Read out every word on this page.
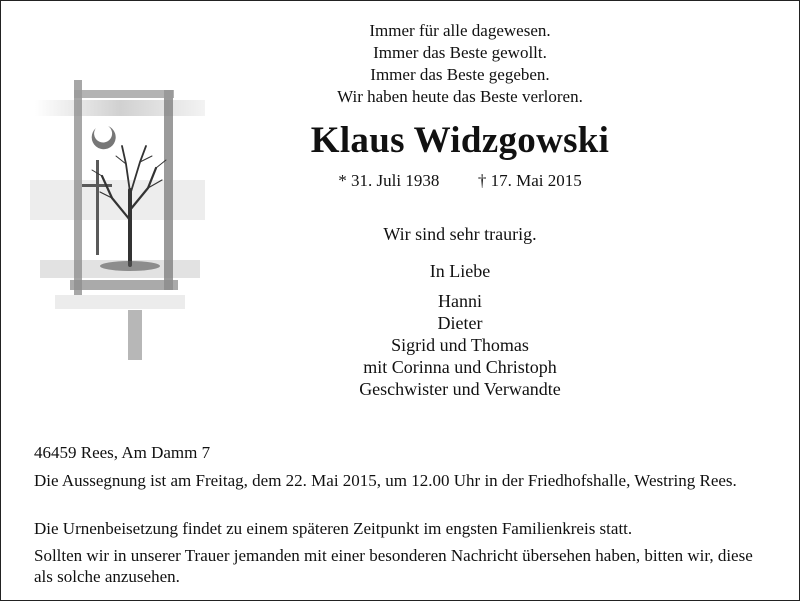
Immer für alle dagewesen.
Immer das Beste gewollt.
Immer das Beste gegeben.
Wir haben heute das Beste verloren.
Klaus Widzgowski
* 31. Juli 1938 † 17. Mai 2015
Wir sind sehr traurig.
In Liebe
Hanni
Dieter
Sigrid und Thomas
mit Corinna und Christoph
Geschwister und Verwandte
46459 Rees, Am Damm 7
Die Aussegnung ist am Freitag, dem 22. Mai 2015, um 12.00 Uhr in der Friedhofshalle, Westring Rees.
Die Urnenbeisetzung findet zu einem späteren Zeitpunkt im engsten Familienkreis statt.
Sollten wir in unserer Trauer jemanden mit einer besonderen Nachricht übersehen haben, bitten wir, diese als solche anzusehen.
